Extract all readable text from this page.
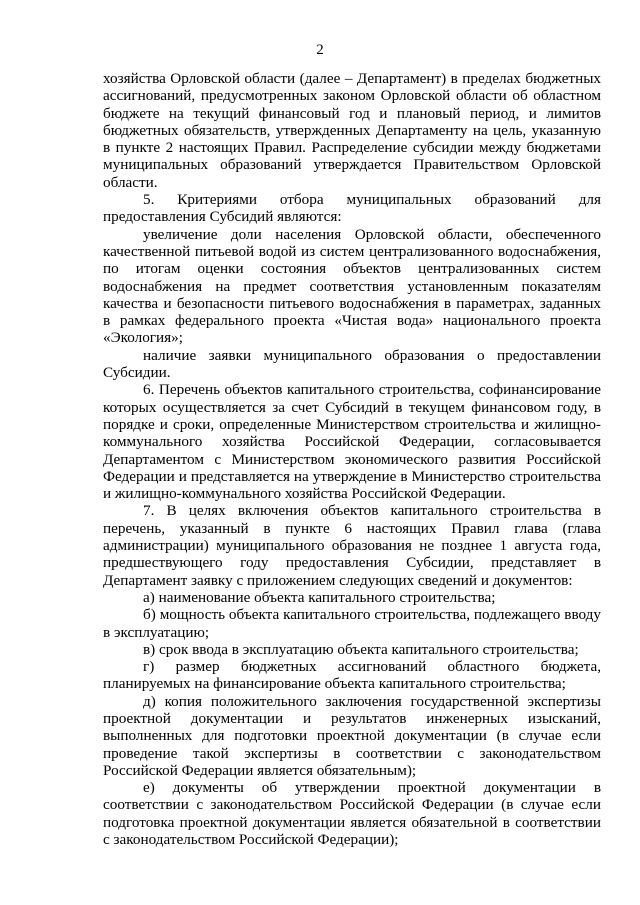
2

хозяйства Орловской области (далее – Департамент) в пределах бюджетных ассигнований, предусмотренных законом Орловской области об областном бюджете на текущий финансовый год и плановый период, и лимитов бюджетных обязательств, утвержденных Департаменту на цель, указанную в пункте 2 настоящих Правил. Распределение субсидии между бюджетами муниципальных образований утверждается Правительством Орловской области.

5. Критериями отбора муниципальных образований для предоставления Субсидий являются:

увеличение доли населения Орловской области, обеспеченного качественной питьевой водой из систем централизованного водоснабжения, по итогам оценки состояния объектов централизованных систем водоснабжения на предмет соответствия установленным показателям качества и безопасности питьевого водоснабжения в параметрах, заданных в рамках федерального проекта «Чистая вода» национального проекта «Экология»;

наличие заявки муниципального образования о предоставлении Субсидии.

6. Перечень объектов капитального строительства, софинансирование которых осуществляется за счет Субсидий в текущем финансовом году, в порядке и сроки, определенные Министерством строительства и жилищно-коммунального хозяйства Российской Федерации, согласовывается Департаментом с Министерством экономического развития Российской Федерации и представляется на утверждение в Министерство строительства и жилищно-коммунального хозяйства Российской Федерации.

7. В целях включения объектов капитального строительства в перечень, указанный в пункте 6 настоящих Правил глава (глава администрации) муниципального образования не позднее 1 августа года, предшествующего году предоставления Субсидии, представляет в Департамент заявку с приложением следующих сведений и документов:

а) наименование объекта капитального строительства;

б) мощность объекта капитального строительства, подлежащего вводу в эксплуатацию;

в) срок ввода в эксплуатацию объекта капитального строительства;

г) размер бюджетных ассигнований областного бюджета, планируемых на финансирование объекта капитального строительства;

д) копия положительного заключения государственной экспертизы проектной документации и результатов инженерных изысканий, выполненных для подготовки проектной документации (в случае если проведение такой экспертизы в соответствии с законодательством Российской Федерации является обязательным);

е) документы об утверждении проектной документации в соответствии с законодательством Российской Федерации (в случае если подготовка проектной документации является обязательной в соответствии с законодательством Российской Федерации);
